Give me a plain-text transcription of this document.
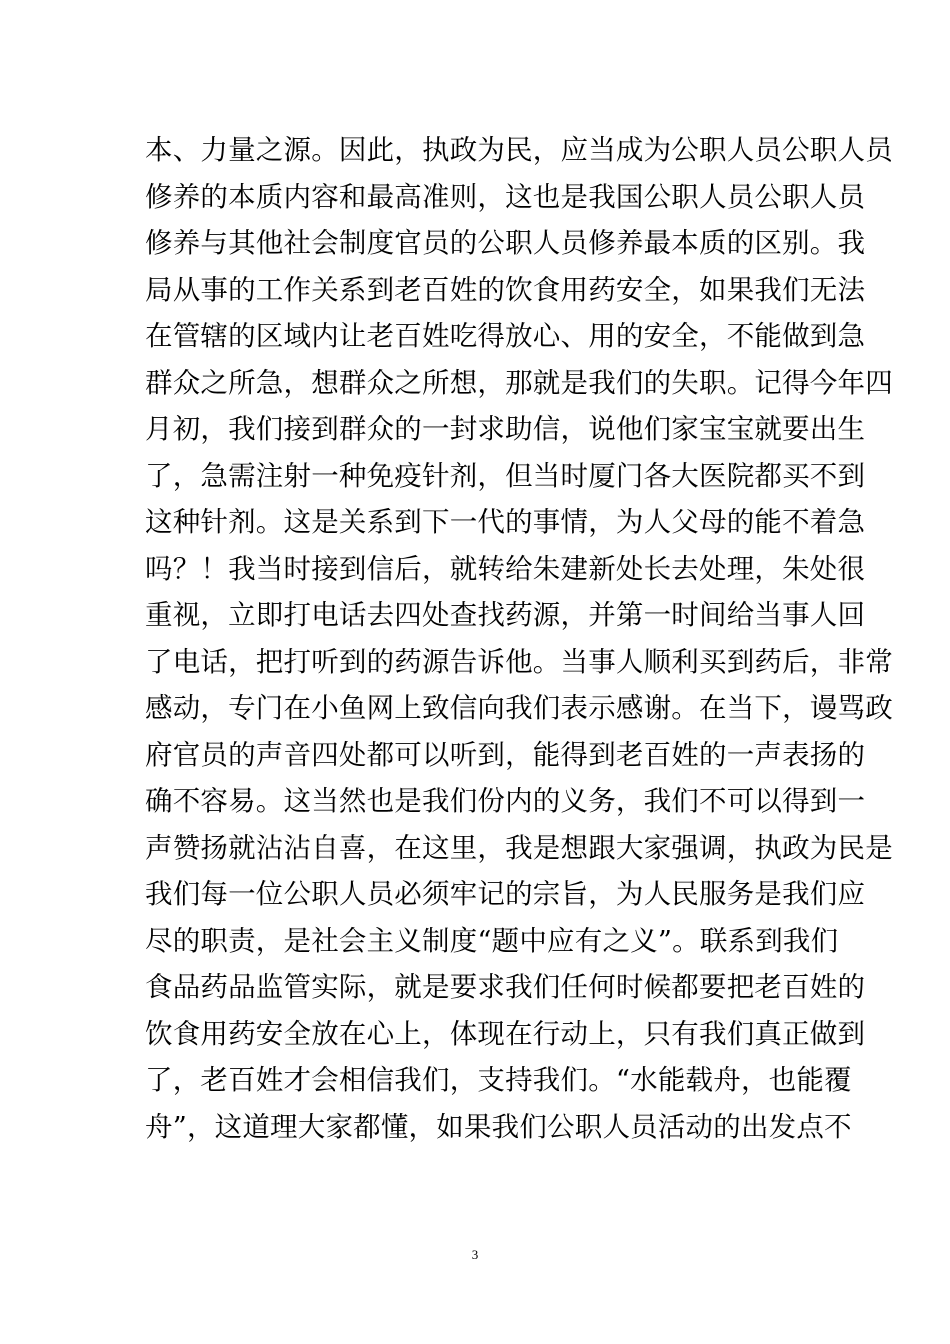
本、力量之源。因此，执政为民，应当成为公职人员公职人员
修养的本质内容和最高准则，这也是我国公职人员公职人员
修养与其他社会制度官员的公职人员修养最本质的区别。我
局从事的工作关系到老百姓的饮食用药安全，如果我们无法
在管辖的区域内让老百姓吃得放心、用的安全，不能做到急
群众之所急，想群众之所想，那就是我们的失职。记得今年四
月初，我们接到群众的一封求助信，说他们家宝宝就要出生
了，急需注射一种免疫针剂，但当时厦门各大医院都买不到
这种针剂。这是关系到下一代的事情，为人父母的能不着急
吗？！我当时接到信后，就转给朱建新处长去处理，朱处很
重视，立即打电话去四处查找药源，并第一时间给当事人回
了电话，把打听到的药源告诉他。当事人顺利买到药后，非常
感动，专门在小鱼网上致信向我们表示感谢。在当下，谩骂政
府官员的声音四处都可以听到，能得到老百姓的一声表扬的
确不容易。这当然也是我们份内的义务，我们不可以得到一
声赞扬就沾沾自喜，在这里，我是想跟大家强调，执政为民是
我们每一位公职人员必须牢记的宗旨，为人民服务是我们应
尽的职责，是社会主义制度“题中应有之义”。联系到我们
食品药品监管实际，就是要求我们任何时候都要把老百姓的
饮食用药安全放在心上，体现在行动上，只有我们真正做到
了，老百姓才会相信我们，支持我们。“水能载舟，也能覆
舟”，这道理大家都懂，如果我们公职人员活动的出发点不
3
